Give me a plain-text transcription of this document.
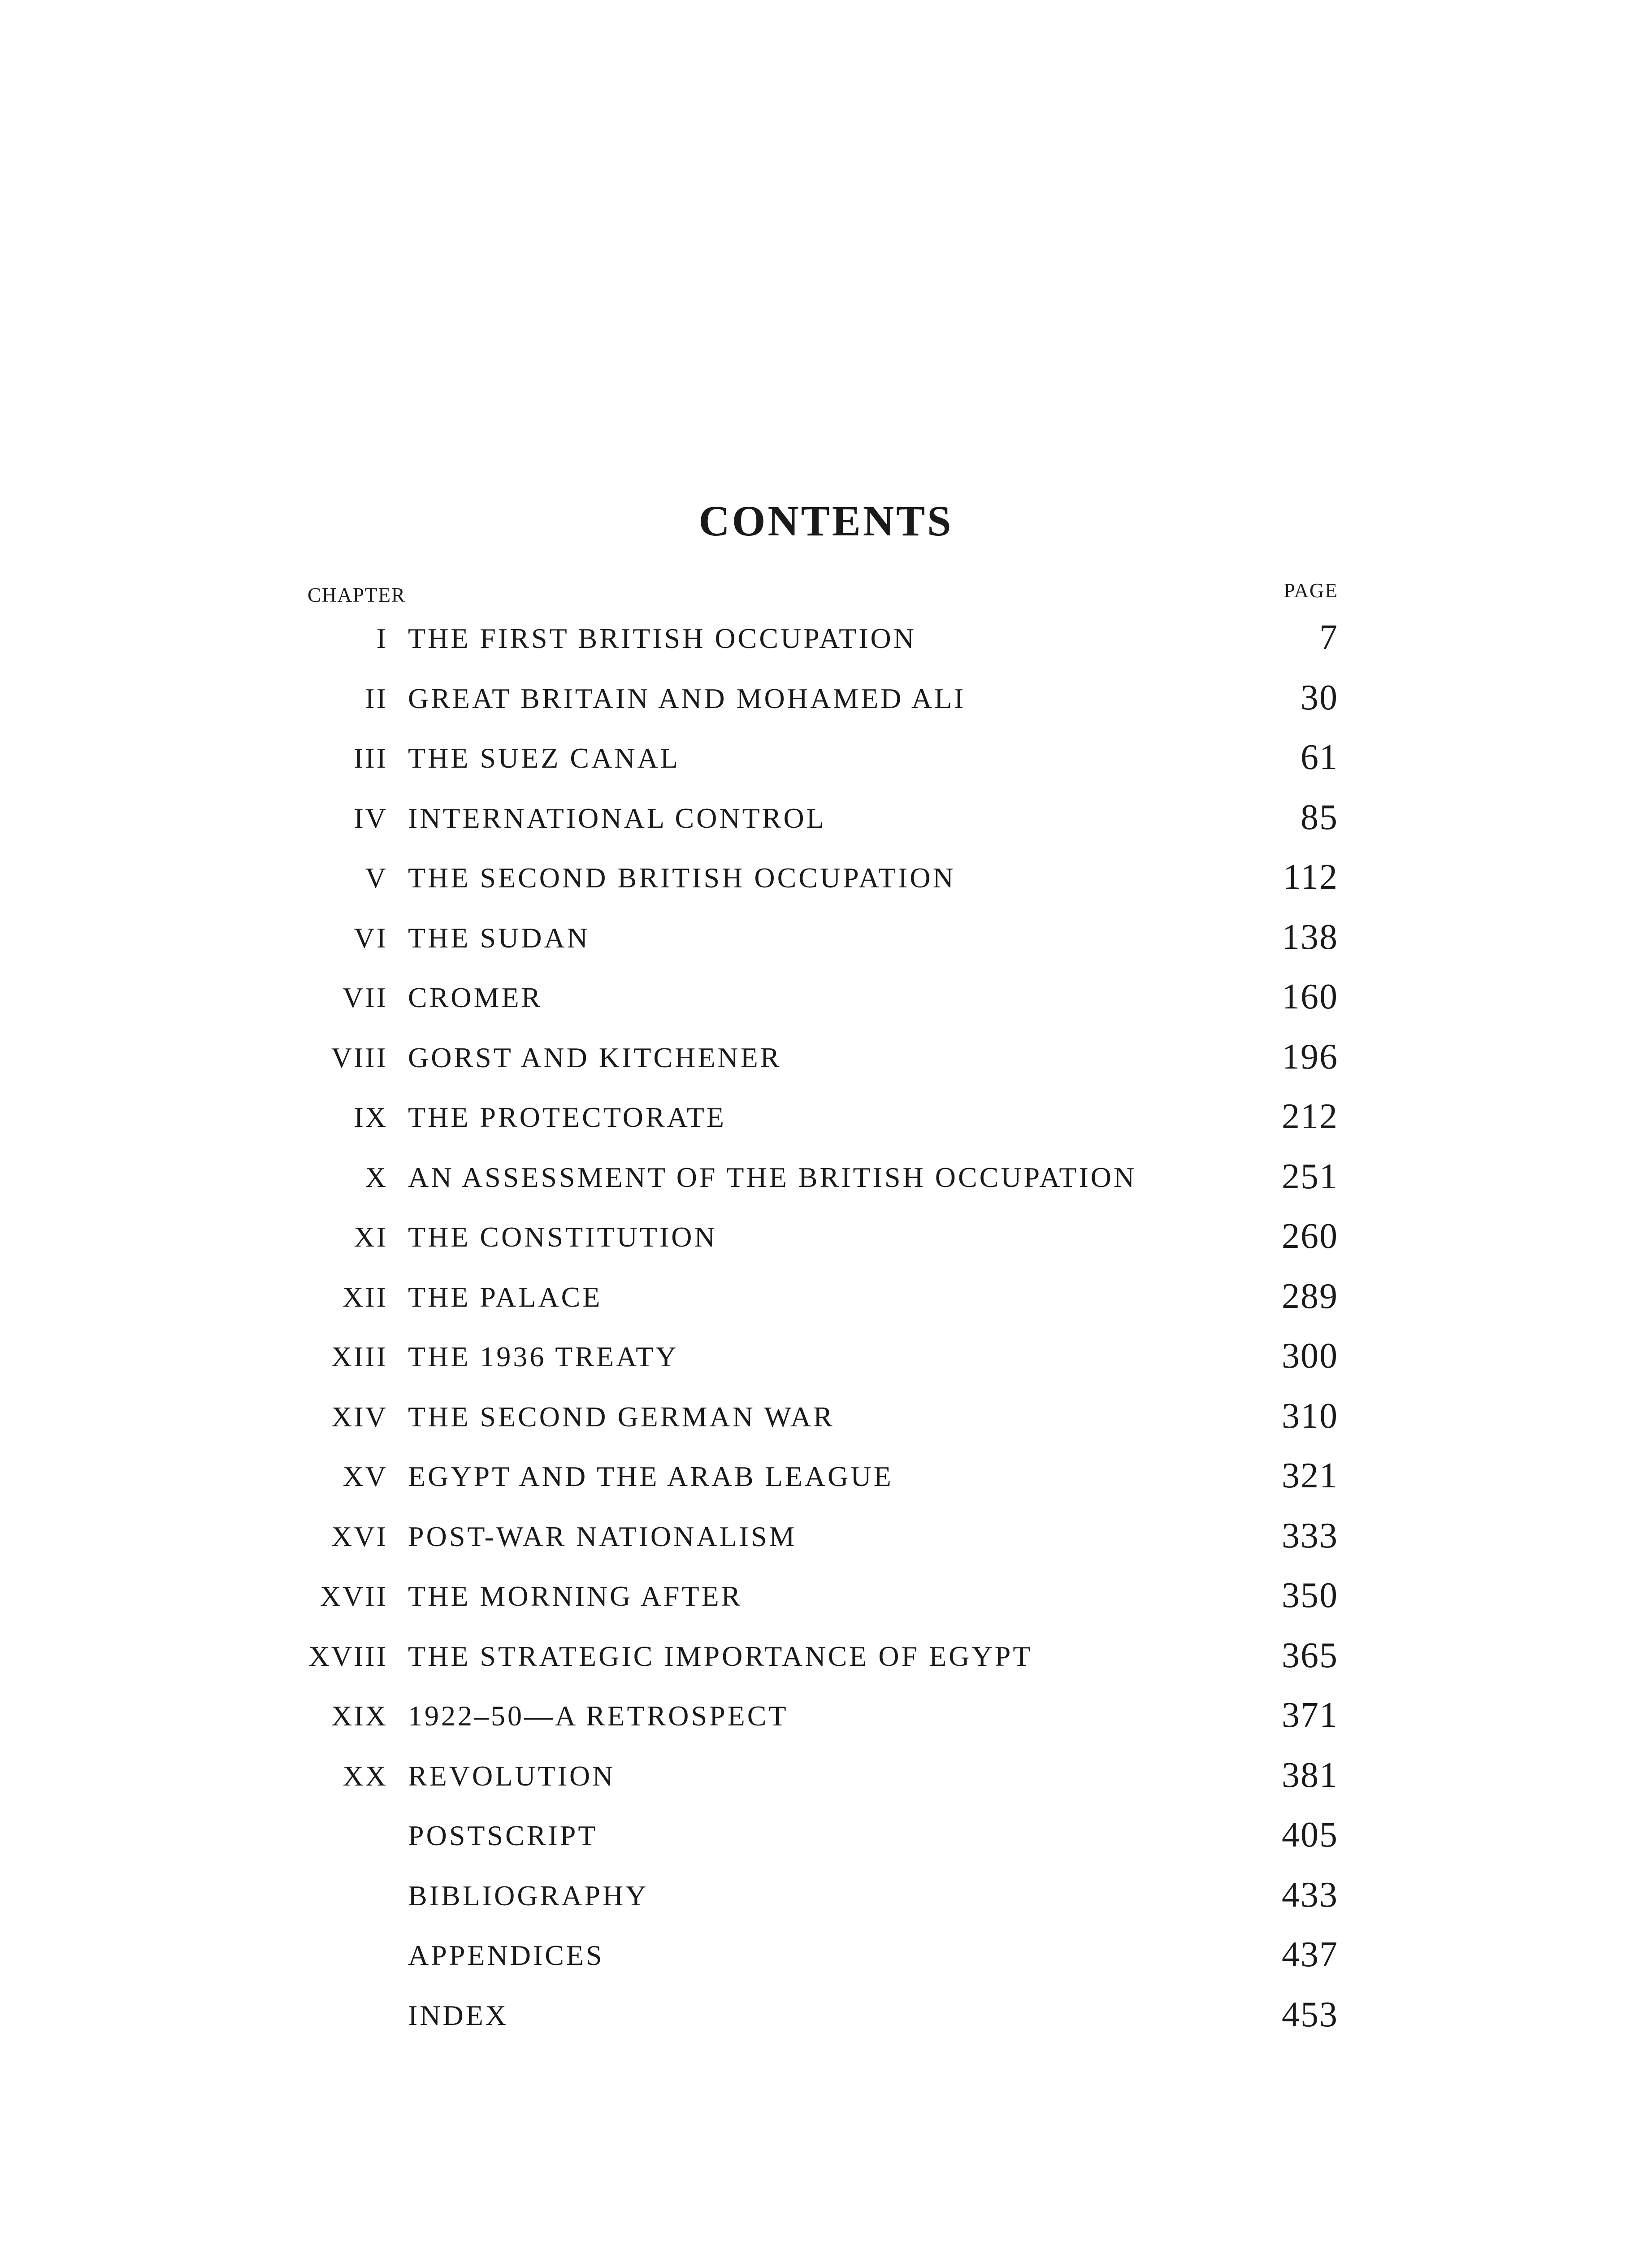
CONTENTS
CHAPTER	PAGE
I THE FIRST BRITISH OCCUPATION	7
II GREAT BRITAIN AND MOHAMED ALI	30
III THE SUEZ CANAL	61
IV INTERNATIONAL CONTROL	85
V THE SECOND BRITISH OCCUPATION	112
VI THE SUDAN	138
VII CROMER	160
VIII GORST AND KITCHENER	196
IX THE PROTECTORATE	212
X AN ASSESSMENT OF THE BRITISH OCCUPATION	251
XI THE CONSTITUTION	260
XII THE PALACE	289
XIII THE 1936 TREATY	300
XIV THE SECOND GERMAN WAR	310
XV EGYPT AND THE ARAB LEAGUE	321
XVI POST-WAR NATIONALISM	333
XVII THE MORNING AFTER	350
XVIII THE STRATEGIC IMPORTANCE OF EGYPT	365
XIX 1922–50—A RETROSPECT	371
XX REVOLUTION	381
POSTSCRIPT	405
BIBLIOGRAPHY	433
APPENDICES	437
INDEX	453
